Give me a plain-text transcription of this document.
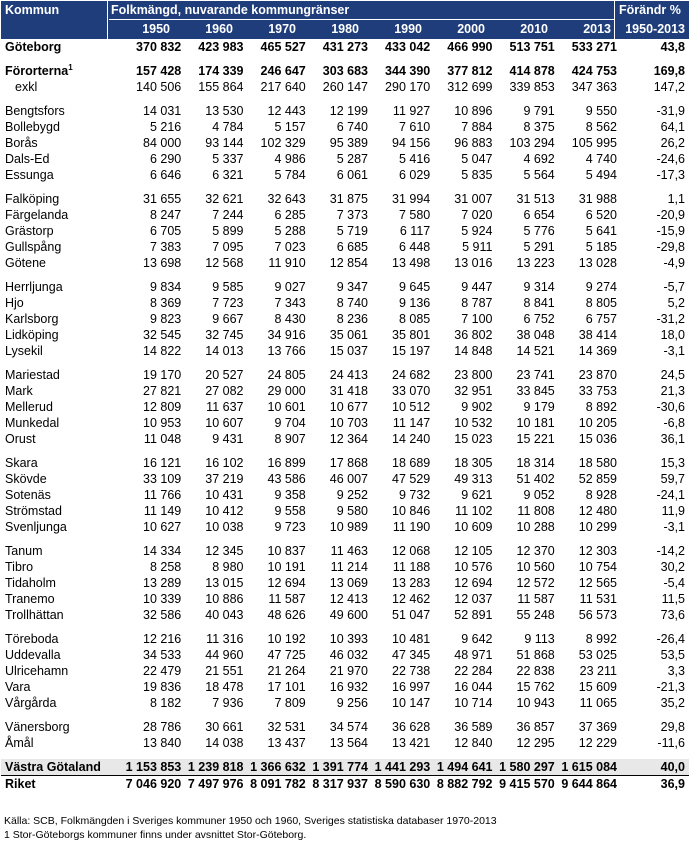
Kommun	Folkmängd, nuvarande kommungränser	Förändr %
1950-2013
1950	1960	1970	1980	1990	2000	2010	2013
Göteborg	370 832	423 983	465 527	431 273	433 042	466 990	513 751	533 271	43,8

Förorterna$^1$	157 428	174 339	246 647	303 683	344 390	377 812	414 878	424 753	169,8
exkl	140 506	155 864	217 640	260 147	290 170	312 699	339 853	347 363	147,2

Bengtsfors	14 031	13 530	12 443	12 199	11 927	10 896	9 791	9 550	-31,9
Bollebygd	5 216	4 784	5 157	6 740	7 610	7 884	8 375	8 562	64,1
Borås	84 000	93 144	102 329	95 389	94 156	96 883	103 294	105 995	26,2
Dals-Ed	6 290	5 337	4 986	5 287	5 416	5 047	4 692	4 740	-24,6
Essunga	6 646	6 321	5 784	6 061	6 029	5 835	5 564	5 494	-17,3

Falköping	31 655	32 621	32 643	31 875	31 994	31 007	31 513	31 988	1,1
Färgelanda	8 247	7 244	6 285	7 373	7 580	7 020	6 654	6 520	-20,9
Grästorp	6 705	5 899	5 288	5 719	6 117	5 924	5 776	5 641	-15,9
Gullspång	7 383	7 095	7 023	6 685	6 448	5 911	5 291	5 185	-29,8
Götene	13 698	12 568	11 910	12 854	13 498	13 016	13 223	13 028	-4,9

Herrljunga	9 834	9 585	9 027	9 347	9 645	9 447	9 314	9 274	-5,7
Hjo	8 369	7 723	7 343	8 740	9 136	8 787	8 841	8 805	5,2
Karlsborg	9 823	9 667	8 430	8 236	8 085	7 100	6 752	6 757	-31,2
Lidköping	32 545	32 745	34 916	35 061	35 801	36 802	38 048	38 414	18,0
Lysekil	14 822	14 013	13 766	15 037	15 197	14 848	14 521	14 369	-3,1

Mariestad	19 170	20 527	24 805	24 413	24 682	23 800	23 741	23 870	24,5
Mark	27 821	27 082	29 000	31 418	33 070	32 951	33 845	33 753	21,3
Mellerud	12 809	11 637	10 601	10 677	10 512	9 902	9 179	8 892	-30,6
Munkedal	10 953	10 607	9 704	10 703	11 147	10 532	10 181	10 205	-6,8
Orust	11 048	9 431	8 907	12 364	14 240	15 023	15 221	15 036	36,1

Skara	16 121	16 102	16 899	17 868	18 689	18 305	18 314	18 580	15,3
Skövde	33 109	37 219	43 586	46 007	47 529	49 313	51 402	52 859	59,7
Sotenäs	11 766	10 431	9 358	9 252	9 732	9 621	9 052	8 928	-24,1
Strömstad	11 149	10 412	9 558	9 580	10 846	11 102	11 808	12 480	11,9
Svenljunga	10 627	10 038	9 723	10 989	11 190	10 609	10 288	10 299	-3,1

Tanum	14 334	12 345	10 837	11 463	12 068	12 105	12 370	12 303	-14,2
Tibro	8 258	8 980	10 191	11 214	11 188	10 576	10 560	10 754	30,2
Tidaholm	13 289	13 015	12 694	13 069	13 283	12 694	12 572	12 565	-5,4
Tranemo	10 339	10 886	11 587	12 413	12 462	12 037	11 587	11 531	11,5
Trollhättan	32 586	40 043	48 626	49 600	51 047	52 891	55 248	56 573	73,6

Töreboda	12 216	11 316	10 192	10 393	10 481	9 642	9 113	8 992	-26,4
Uddevalla	34 533	44 960	47 725	46 032	47 345	48 971	51 868	53 025	53,5
Ulricehamn	22 479	21 551	21 264	21 970	22 738	22 284	22 838	23 211	3,3
Vara	19 836	18 478	17 101	16 932	16 997	16 044	15 762	15 609	-21,3
Vårgårda	8 182	7 936	7 809	9 256	10 147	10 714	10 943	11 065	35,2

Vänersborg	28 786	30 661	32 531	34 574	36 628	36 589	36 857	37 369	29,8
Åmål	13 840	14 038	13 437	13 564	13 421	12 840	12 295	12 229	-11,6

Västra Götaland	1 153 853	1 239 818	1 366 632	1 391 774	1 441 293	1 494 641	1 580 297	1 615 084	40,0
Riket	7 046 920	7 497 976	8 091 782	8 317 937	8 590 630	8 882 792	9 415 570	9 644 864	36,9
Källa: SCB, Folkmängden i Sveriges kommuner 1950 och 1960, Sveriges statistiska databaser 1970-2013
1 Stor-Göteborgs kommuner finns under avsnittet Stor-Göteborg.
